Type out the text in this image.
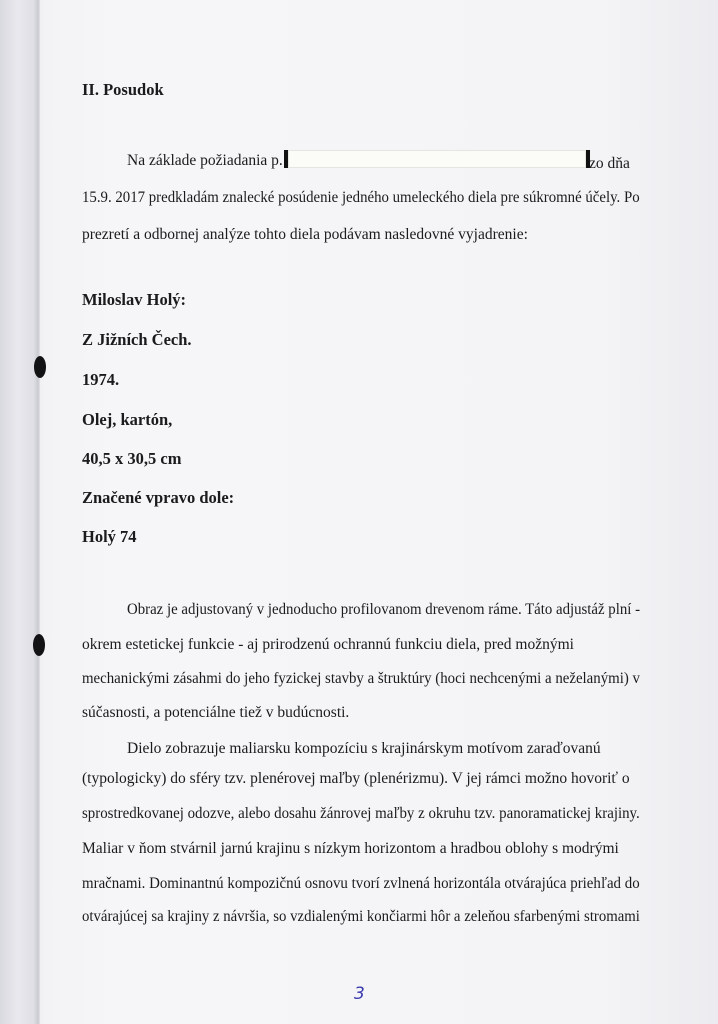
II. Posudok
Na základe požiadania p.	zo dňa
15.9. 2017 predkladám znalecké posúdenie jedného umeleckého diela pre súkromné účely. Po
prezretí a odbornej analýze tohto diela podávam nasledovné vyjadrenie:
Miloslav Holý:
Z Jižních Čech.
1974.
Olej, kartón,
40,5 x 30,5 cm
Značené vpravo dole:
Holý 74
Obraz je adjustovaný v jednoducho profilovanom drevenom ráme. Táto adjustáž plní -
okrem estetickej funkcie - aj prirodzenú ochrannú funkciu diela, pred možnými
mechanickými zásahmi do jeho fyzickej stavby a štruktúry (hoci nechcenými a neželanými) v
súčasnosti, a potenciálne tiež v budúcnosti.
Dielo zobrazuje maliarsku kompozíciu s krajinárskym motívom zaraďovanú
(typologicky) do sféry tzv. plenérovej maľby (plenérizmu). V jej rámci možno hovoriť o
sprostredkovanej odozve, alebo dosahu žánrovej maľby z okruhu tzv. panoramatickej krajiny.
Maliar v ňom stvárnil jarnú krajinu s nízkym horizontom a hradbou oblohy s modrými
mračnami. Dominantnú kompozičnú osnovu tvorí zvlnená horizontála otvárajúca priehľad do
otvárajúcej sa krajiny z návršia, so vzdialenými končiarmi hôr a zeleňou sfarbenými stromami
3
